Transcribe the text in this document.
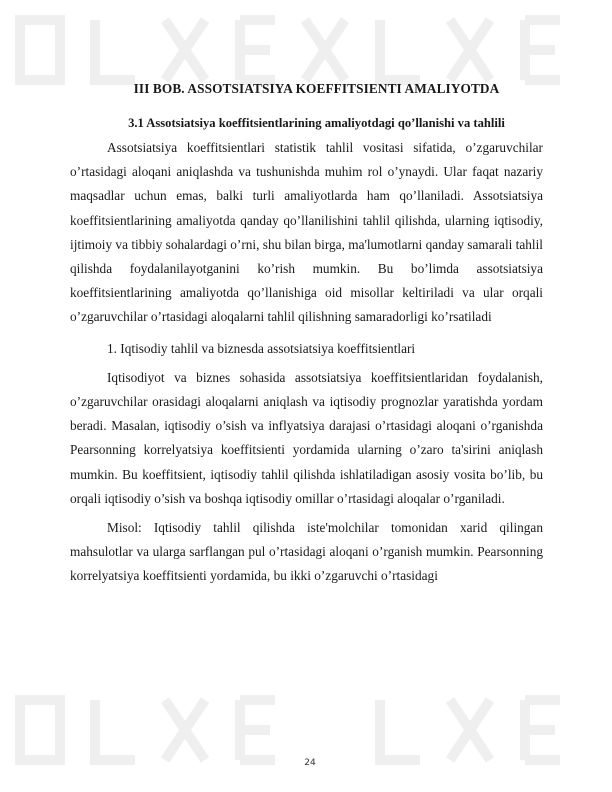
III BOB. ASSOTSIATSIYA KOEFFITSIENTI AMALIYOTDA
3.1 Assotsiatsiya koeffitsientlarining amaliyotdagi qo’llanishi va tahlili

Assotsiatsiya koeffitsientlari statistik tahlil vositasi sifatida, o’zgaruvchilar o’rtasidagi aloqani aniqlashda va tushunishda muhim rol o’ynaydi. Ular faqat nazariy maqsadlar uchun emas, balki turli amaliyotlarda ham qo’llaniladi. Assotsiatsiya koeffitsientlarining amaliyotda qanday qo’llanilishini tahlil qilishda, ularning iqtisodiy, ijtimoiy va tibbiy sohalardagi o’rni, shu bilan birga, ma'lumotlarni qanday samarali tahlil qilishda foydalanilayotganini ko’rish mumkin. Bu bo’limda assotsiatsiya koeffitsientlarining amaliyotda qo’llanishiga oid misollar keltiriladi va ular orqali o’zgaruvchilar o’rtasidagi aloqalarni tahlil qilishning samaradorligi ko’rsatiladi

1. Iqtisodiy tahlil va biznesda assotsiatsiya koeffitsientlari

Iqtisodiyot va biznes sohasida assotsiatsiya koeffitsientlaridan foydalanish, o’zgaruvchilar orasidagi aloqalarni aniqlash va iqtisodiy prognozlar yaratishda yordam beradi. Masalan, iqtisodiy o’sish va inflyatsiya darajasi o’rtasidagi aloqani o’rganishda Pearsonning korrelyatsiya koeffitsienti yordamida ularning o’zaro ta'sirini aniqlash mumkin. Bu koeffitsient, iqtisodiy tahlil qilishda ishlatiladigan asosiy vosita bo’lib, bu orqali iqtisodiy o’sish va boshqa iqtisodiy omillar o’rtasidagi aloqalar o’rganiladi.

Misol: Iqtisodiy tahlil qilishda iste'molchilar tomonidan xarid qilingan mahsulotlar va ularga sarflangan pul o’rtasidagi aloqani o’rganish mumkin. Pearsonning korrelyatsiya koeffitsienti yordamida, bu ikki o’zgaruvchi o’rtasidagi

24
